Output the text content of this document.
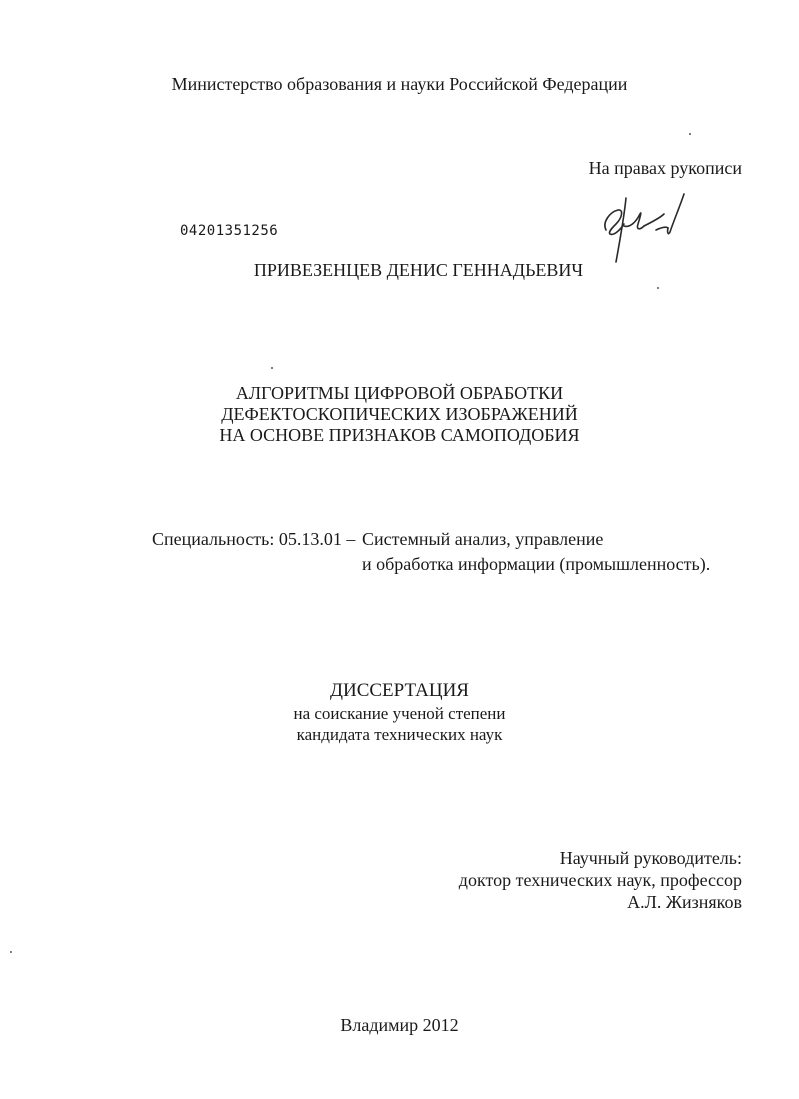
Министерство образования и науки Российской Федерации
На правах рукописи
04201351256
ПРИВЕЗЕНЦЕВ ДЕНИС ГЕННАДЬЕВИЧ
АЛГОРИТМЫ ЦИФРОВОЙ ОБРАБОТКИ
ДЕФЕКТОСКОПИЧЕСКИХ ИЗОБРАЖЕНИЙ
НА ОСНОВЕ ПРИЗНАКОВ САМОПОДОБИЯ
Специальность: 05.13.01 – Системный анализ, управление
и обработка информации (промышленность).
ДИССЕРТАЦИЯ
на соискание ученой степени
кандидата технических наук
Научный руководитель:
доктор технических наук, профессор
А.Л. Жизняков
Владимир 2012
